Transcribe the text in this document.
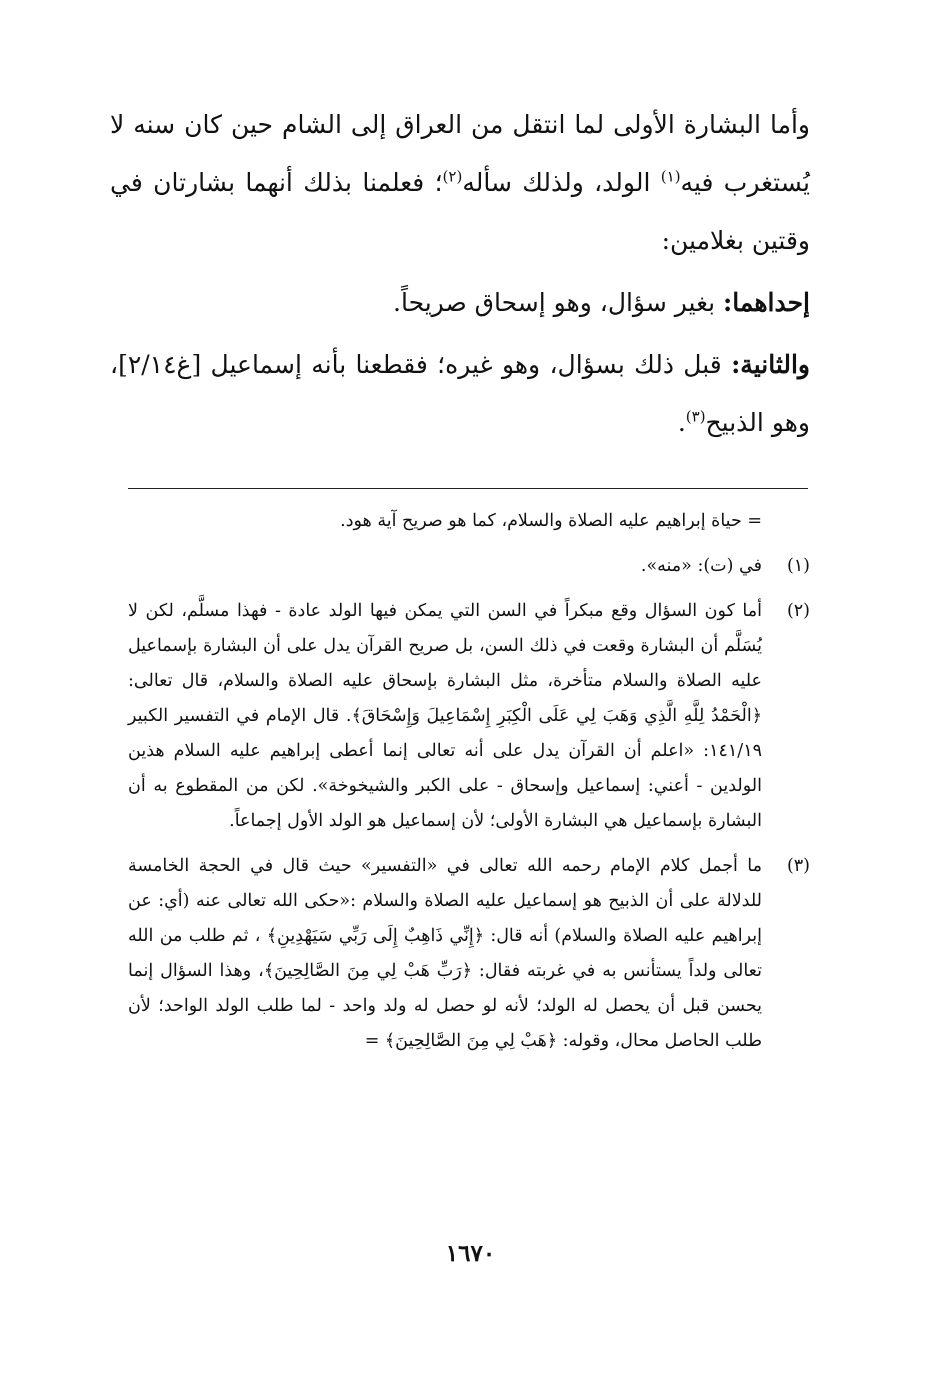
وأما البشارة الأولى لما انتقل من العراق إلى الشام حين كان سنه لا يُستغرب فيه$^{(١)}$ الولد، ولذلك سأله$^{(٢)}$؛ فعلمنا بذلك أنهما بشارتان في وقتين بغلامين:

إحداهما: بغير سؤال، وهو إسحاق صريحاً.

والثانية: قبل ذلك بسؤال، وهو غيره؛ فقطعنا بأنه إسماعيل [غ٢/١٤]، وهو الذبيح$^{(٣)}$.

= حياة إبراهيم عليه الصلاة والسلام، كما هو صريح آية هود.
(١)
في (ت): «منه».
(٢)
أما كون السؤال وقع مبكراً في السن التي يمكن فيها الولد عادة - فهذا مسلَّم، لكن لا يُسَلَّم أن البشارة وقعت في ذلك السن، بل صريح القرآن يدل على أن البشارة بإسماعيل عليه الصلاة والسلام متأخرة، مثل البشارة بإسحاق عليه الصلاة والسلام، قال تعالى: ﴿الْحَمْدُ لِلَّهِ الَّذِي وَهَبَ لِي عَلَى الْكِبَرِ إِسْمَاعِيلَ وَإِسْحَاقَ﴾. قال الإمام في التفسير الكبير ١٤١/١٩: «اعلم أن القرآن يدل على أنه تعالى إنما أعطى إبراهيم عليه السلام هذين الولدين - أعني: إسماعيل وإسحاق - على الكبر والشيخوخة». لكن من المقطوع به أن البشارة بإسماعيل هي البشارة الأولى؛ لأن إسماعيل هو الولد الأول إجماعاً.
(٣)
ما أجمل كلام الإمام رحمه الله تعالى في «التفسير» حيث قال في الحجة الخامسة للدلالة على أن الذبيح هو إسماعيل عليه الصلاة والسلام :«حكى الله تعالى عنه (أي: عن إبراهيم عليه الصلاة والسلام) أنه قال: ﴿إِنِّي ذَاهِبٌ إِلَى رَبِّي سَيَهْدِينِ﴾ ، ثم طلب من الله تعالى ولداً يستأنس به في غربته فقال: ﴿رَبِّ هَبْ لِي مِنَ الصَّالِحِينَ﴾، وهذا السؤال إنما يحسن قبل أن يحصل له الولد؛ لأنه لو حصل له ولد واحد - لما طلب الولد الواحد؛ لأن طلب الحاصل محال، وقوله: ﴿هَبْ لِي مِنَ الصَّالِحِينَ﴾ =
١٦٧٠
